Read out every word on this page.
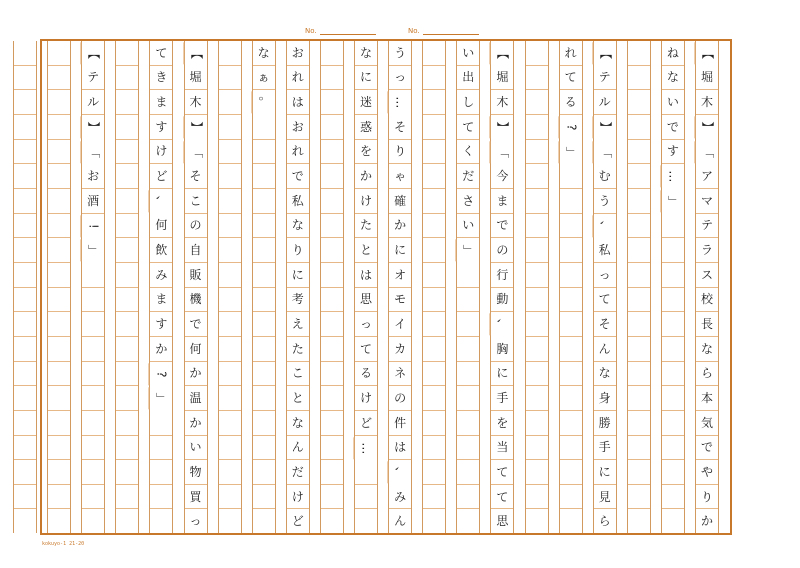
No.	No.
【
堀
木
】
「
ア
マ
テ
ラ
ス
校
長
な
ら
本
気
で
や
り
か
ね
な
い
で
す
…
」
【
テ
ル
】
「
む
う
、
私
っ
て
そ
ん
な
身
勝
手
に
見
ら
れ
て
る
?
」
【
堀
木
】
「
今
ま
で
の
行
動
、
胸
に
手
を
当
て
て
思
い
出
し
て
く
だ
さ
い
」
う
っ
…
そ
り
ゃ
確
か
に
オ
モ
イ
カ
ネ
の
件
は
、
み
ん
な
に
迷
惑
を
か
け
た
と
は
思
っ
て
る
け
ど
…
お
れ
は
お
れ
で
私
な
り
に
考
え
た
こ
と
な
ん
だ
け
ど
な
ぁ
。
【
堀
木
】
「
そ
こ
の
自
販
機
で
何
か
温
か
い
物
買
っ
て
き
ま
す
け
ど
、
何
飲
み
ま
す
か
?
」
【
テ
ル
】
「
お
酒
!
」
kokuyo-1 21-20
